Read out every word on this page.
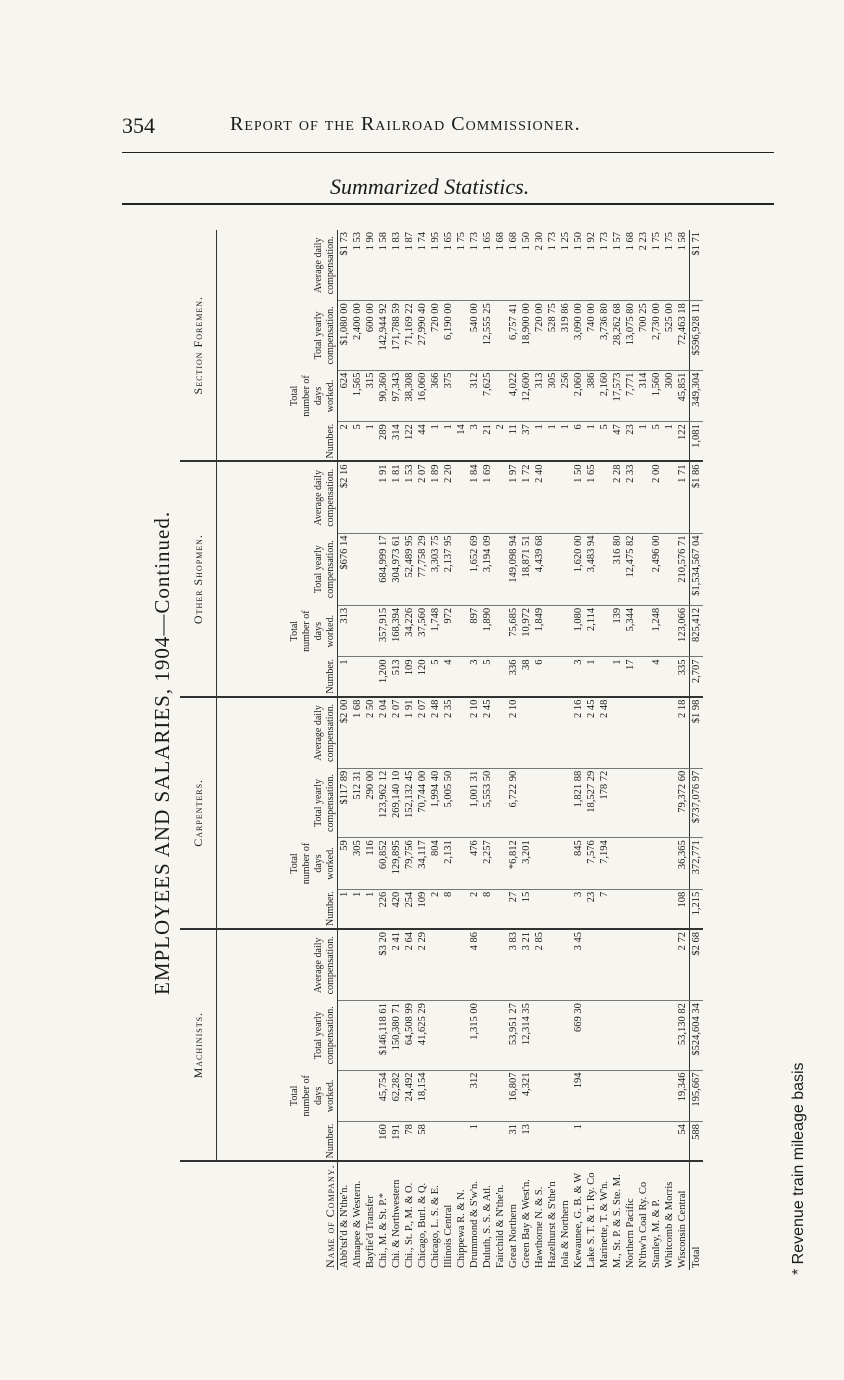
354	Report of the Railroad Commissioner.
Summarized Statistics.
EMPLOYEES AND SALARIES, 1904—Continued.
Name of Company.	Machinists.				Carpenters.				Other Shopmen.				Section Foremen.			
	Number.	Total number of days worked.	Total yearly compensation.	Average daily compensation.	Number.	Total number of days worked.	Total yearly compensation.	Average daily compensation.	Number.	Total number of days worked.	Total yearly compensation.	Average daily compensation.	Number.	Total number of days worked.	Total yearly compensation.	Average daily compensation.
Abb'tsf'd & N'the'n.					1	59	$117 89	$2 00	1	313	$676 14	$2 16	2	624	$1,080 00	$1 73
Ahnapee & Western.					1	305	512 31	1 68					5	1,565	2,400 00	1 53
Bayfie'd Transfer					1	116	290 00	2 50					1	315	600 00	1 90
Chi., M. & St. P.*	160	45,754	$146,118 61	$3 20	226	60,852	123,962 12	2 04	1,200	357,915	684,999 17	1 91	289	90,360	142,944 92	1 58
Chi. & Northwestern	191	62,282	150,380 71	2 41	420	129,895	269,140 10	2 07	513	168,394	304,973 61	1 81	314	97,343	171,788 59	1 83
Chi., St. P., M. & O.	78	24,492	64,508 99	2 64	254	79,756	152,132 45	1 91	109	34,226	52,489 95	1 53	122	38,308	71,169 22	1 87
Chicago, Burl. & Q.	58	18,154	41,625 29	2 29	109	34,117	70,744 00	2 07	120	37,560	77,758 29	2 07	44	16,060	27,990 40	1 74
Chicago, L. S. & E.					2	804	1,994 40	2 48	5	1,748	3,303 75	1 89	1	366	720 00	1 95
Illinois Central					8	2,131	5,005 50	2 35	4	972	2,137 95	2 20	1	375	6,190 00	1 65
Chippewa R. & N.													14			1 75
Drummond & S'w'n.	1	312	1,315 00	4 86	2	476	1,001 31	2 10	3	897	1,652 69	1 84	3	312	540 00	1 73
Duluth, S. S. & Atl.					8	2,257	5,553 50	2 45	5	1,890	3,194 09	1 69	21	7,625	12,555 25	1 65
Fairchild & N'the'n.													2			1 68
Great Northern	31	16,807	53,951 27	3 83	27	*6,812	6,722 90	2 10	336	75,685	149,098 94	1 97	11	4,022	6,757 41	1 68
Green Bay & West'n.	13	4,321	12,314 35	3 21	15	3,201			38	10,972	18,871 51	1 72	37	12,600	18,900 00	1 50
Hawthorne N. & S.				2 85					6	1,849	4,439 68	2 40	1	313	720 00	2 30
Hazelhurst & S'the'n													1	305	528 75	1 73
Iola & Northern													1	256	319 86	1 25
Kewaunee, G. B. & W	1	194	669 30	3 45	3	845	1,821 88	2 16	3	1,080	1,620 00	1 50	6	2,060	3,090 00	1 50
Lake S. T. & T. Ry. Co					23	7,576	18,527 29	2 45	1	2,114	3,483 94	1 65	1	386	740 00	1 92
Marinette, T. & W'n.					7	7,194	178 72	2 48					5	2,160	3,736 80	1 73
M., St. P. & S. Ste. M.									1	139	316 80	2 28	47	17,573	28,262 68	1 57
Northern Pacific									17	5,344	12,475 82	2 33	23	7,771	13,075 80	1 68
N'thw'n Coal Ry. Co													1	314	700 25	2 23
Stanley, M. & P.									4	1,248	2,496 00	2 00	5	1,560	2,730 00	1 75
Whitcomb & Morris													1	300	525 00	1 75
Wisconsin Central	54	19,346	53,130 82	2 72	108	36,365	79,372 60	2 18	335	123,066	210,576 71	1 71	122	45,851	72,463 18	1 58
Total	588	195,667	$524,604 34	$2 68	1,215	372,771	$737,076 97	$1 98	2,707	825,412	$1,534,567 04	$1 86	1,081	349,304	$596,928 11	$1 71
* Revenue train mileage basis
